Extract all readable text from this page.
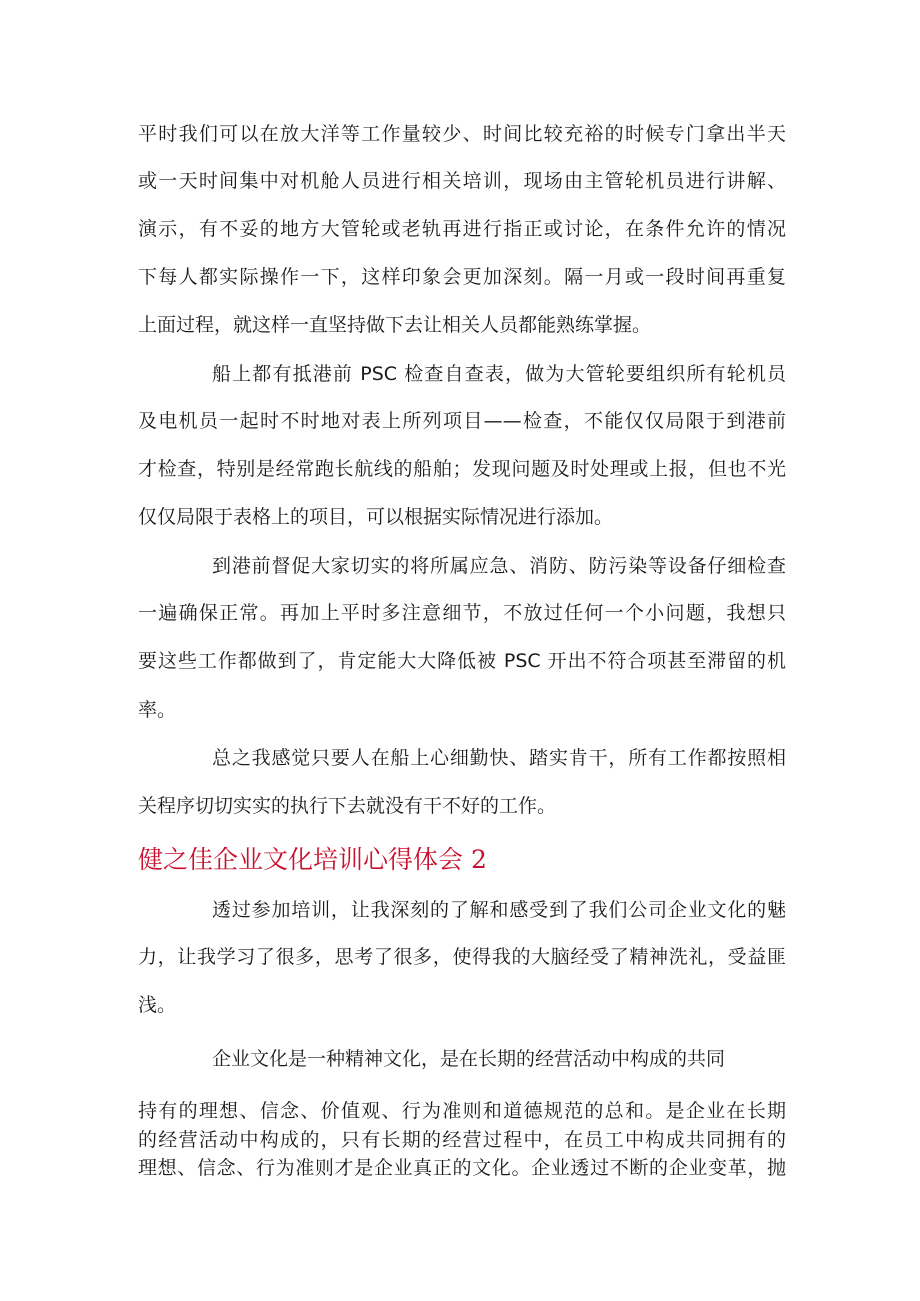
平时我们可以在放大洋等工作量较少、时间比较充裕的时候专门拿出半天
或一天时间集中对机舱人员进行相关培训，现场由主管轮机员进行讲解、
演示，有不妥的地方大管轮或老轨再进行指正或讨论，在条件允许的情况
下每人都实际操作一下，这样印象会更加深刻。隔一月或一段时间再重复
上面过程，就这样一直坚持做下去让相关人员都能熟练掌握。
船上都有抵港前 PSC 检查自查表，做为大管轮要组织所有轮机员
及电机员一起时不时地对表上所列项目——检查，不能仅仅局限于到港前
才检查，特别是经常跑长航线的船舶；发现问题及时处理或上报，但也不光
仅仅局限于表格上的项目，可以根据实际情况进行添加。
到港前督促大家切实的将所属应急、消防、防污染等设备仔细检查
一遍确保正常。再加上平时多注意细节，不放过任何一个小问题，我想只
要这些工作都做到了，肯定能大大降低被 PSC 开出不符合项甚至滞留的机
率。
总之我感觉只要人在船上心细勤快、踏实肯干，所有工作都按照相
关程序切切实实的执行下去就没有干不好的工作。
健之佳企业文化培训心得体会 2
透过参加培训，让我深刻的了解和感受到了我们公司企业文化的魅
力，让我学习了很多，思考了很多，使得我的大脑经受了精神洗礼，受益匪
浅。
企业文化是一种精神文化，是在长期的经营活动中构成的共同
持有的理想、信念、价值观、行为准则和道德规范的总和。是企业在长期
的经营活动中构成的，只有长期的经营过程中，在员工中构成共同拥有的
理想、信念、行为准则才是企业真正的文化。企业透过不断的企业变革，抛
